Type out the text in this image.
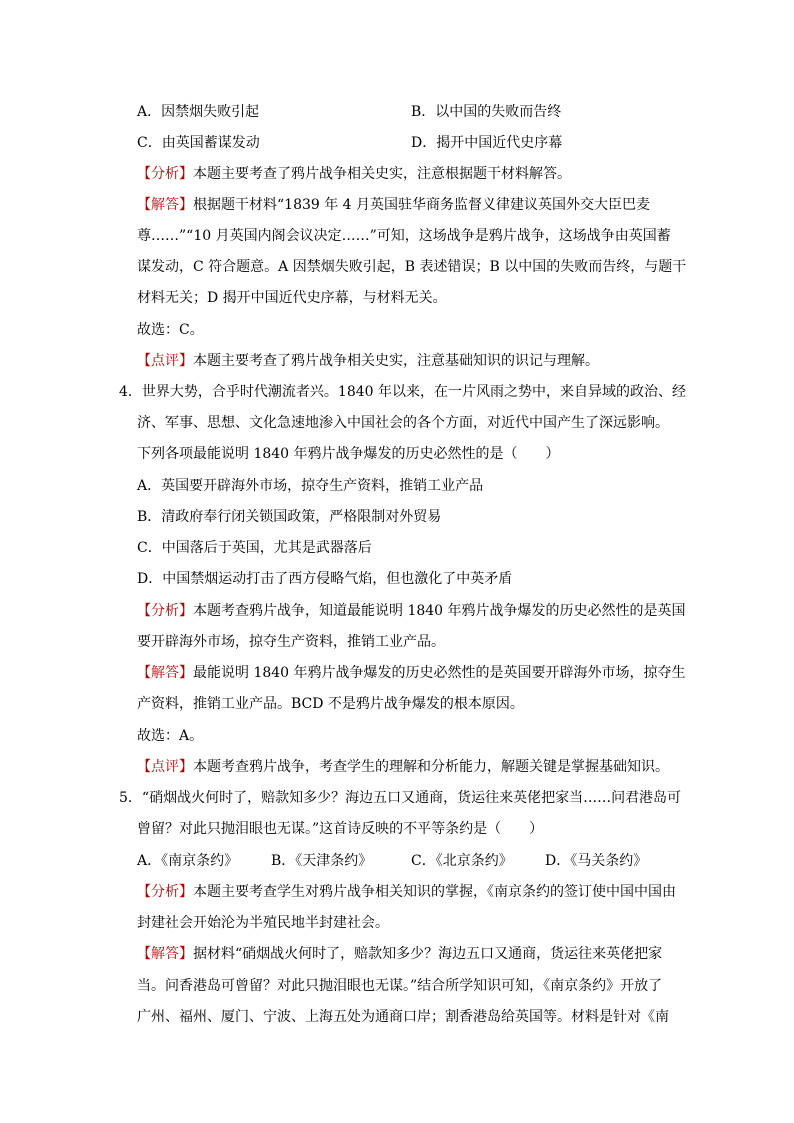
A．因禁烟失败引起	B．以中国的失败而告终
C．由英国蓄谋发动	D．揭开中国近代史序幕
【分析】本题主要考查了鸦片战争相关史实，注意根据题干材料解答。
【解答】根据题干材料“1839 年 4 月英国驻华商务监督义律建议英国外交大臣巴麦
尊……”“10 月英国内阁会议决定……”可知，这场战争是鸦片战争，这场战争由英国蓄
谋发动，C 符合题意。A 因禁烟失败引起，B 表述错误；B 以中国的失败而告终，与题干
材料无关；D 揭开中国近代史序幕，与材料无关。
故选：C。
【点评】本题主要考查了鸦片战争相关史实，注意基础知识的识记与理解。
4．世界大势，合乎时代潮流者兴。1840 年以来，在一片风雨之势中，来自异域的政治、经
济、军事、思想、文化急速地渗入中国社会的各个方面，对近代中国产生了深远影响。
下列各项最能说明 1840 年鸦片战争爆发的历史必然性的是（　　）
A．英国要开辟海外市场，掠夺生产资料，推销工业产品
B．清政府奉行闭关锁国政策，严格限制对外贸易
C．中国落后于英国，尤其是武器落后
D．中国禁烟运动打击了西方侵略气焰，但也激化了中英矛盾
【分析】本题考查鸦片战争，知道最能说明 1840 年鸦片战争爆发的历史必然性的是英国
要开辟海外市场，掠夺生产资料，推销工业产品。
【解答】最能说明 1840 年鸦片战争爆发的历史必然性的是英国要开辟海外市场，掠夺生
产资料，推销工业产品。BCD 不是鸦片战争爆发的根本原因。
故选：A。
【点评】本题考查鸦片战争，考查学生的理解和分析能力，解题关键是掌握基础知识。
5．“硝烟战火何时了，赔款知多少？海边五口又通商，货运往来英佬把家当……问君港岛可
曾留？对此只抛泪眼也无谋。”这首诗反映的不平等条约是（　　）
A．《南京条约》 B．《天津条约》	C．《北京条约》 D．《马关条约》
【分析】本题主要考查学生对鸦片战争相关知识的掌握，《南京条约的签订使中国中国由
封建社会开始沦为半殖民地半封建社会。
【解答】据材料“硝烟战火何时了，赔款知多少？海边五口又通商，货运往来英佬把家
当。问香港岛可曾留？对此只抛泪眼也无谋。”结合所学知识可知，《南京条约》开放了
广州、福州、厦门、宁波、上海五处为通商口岸；割香港岛给英国等。材料是针对《南
